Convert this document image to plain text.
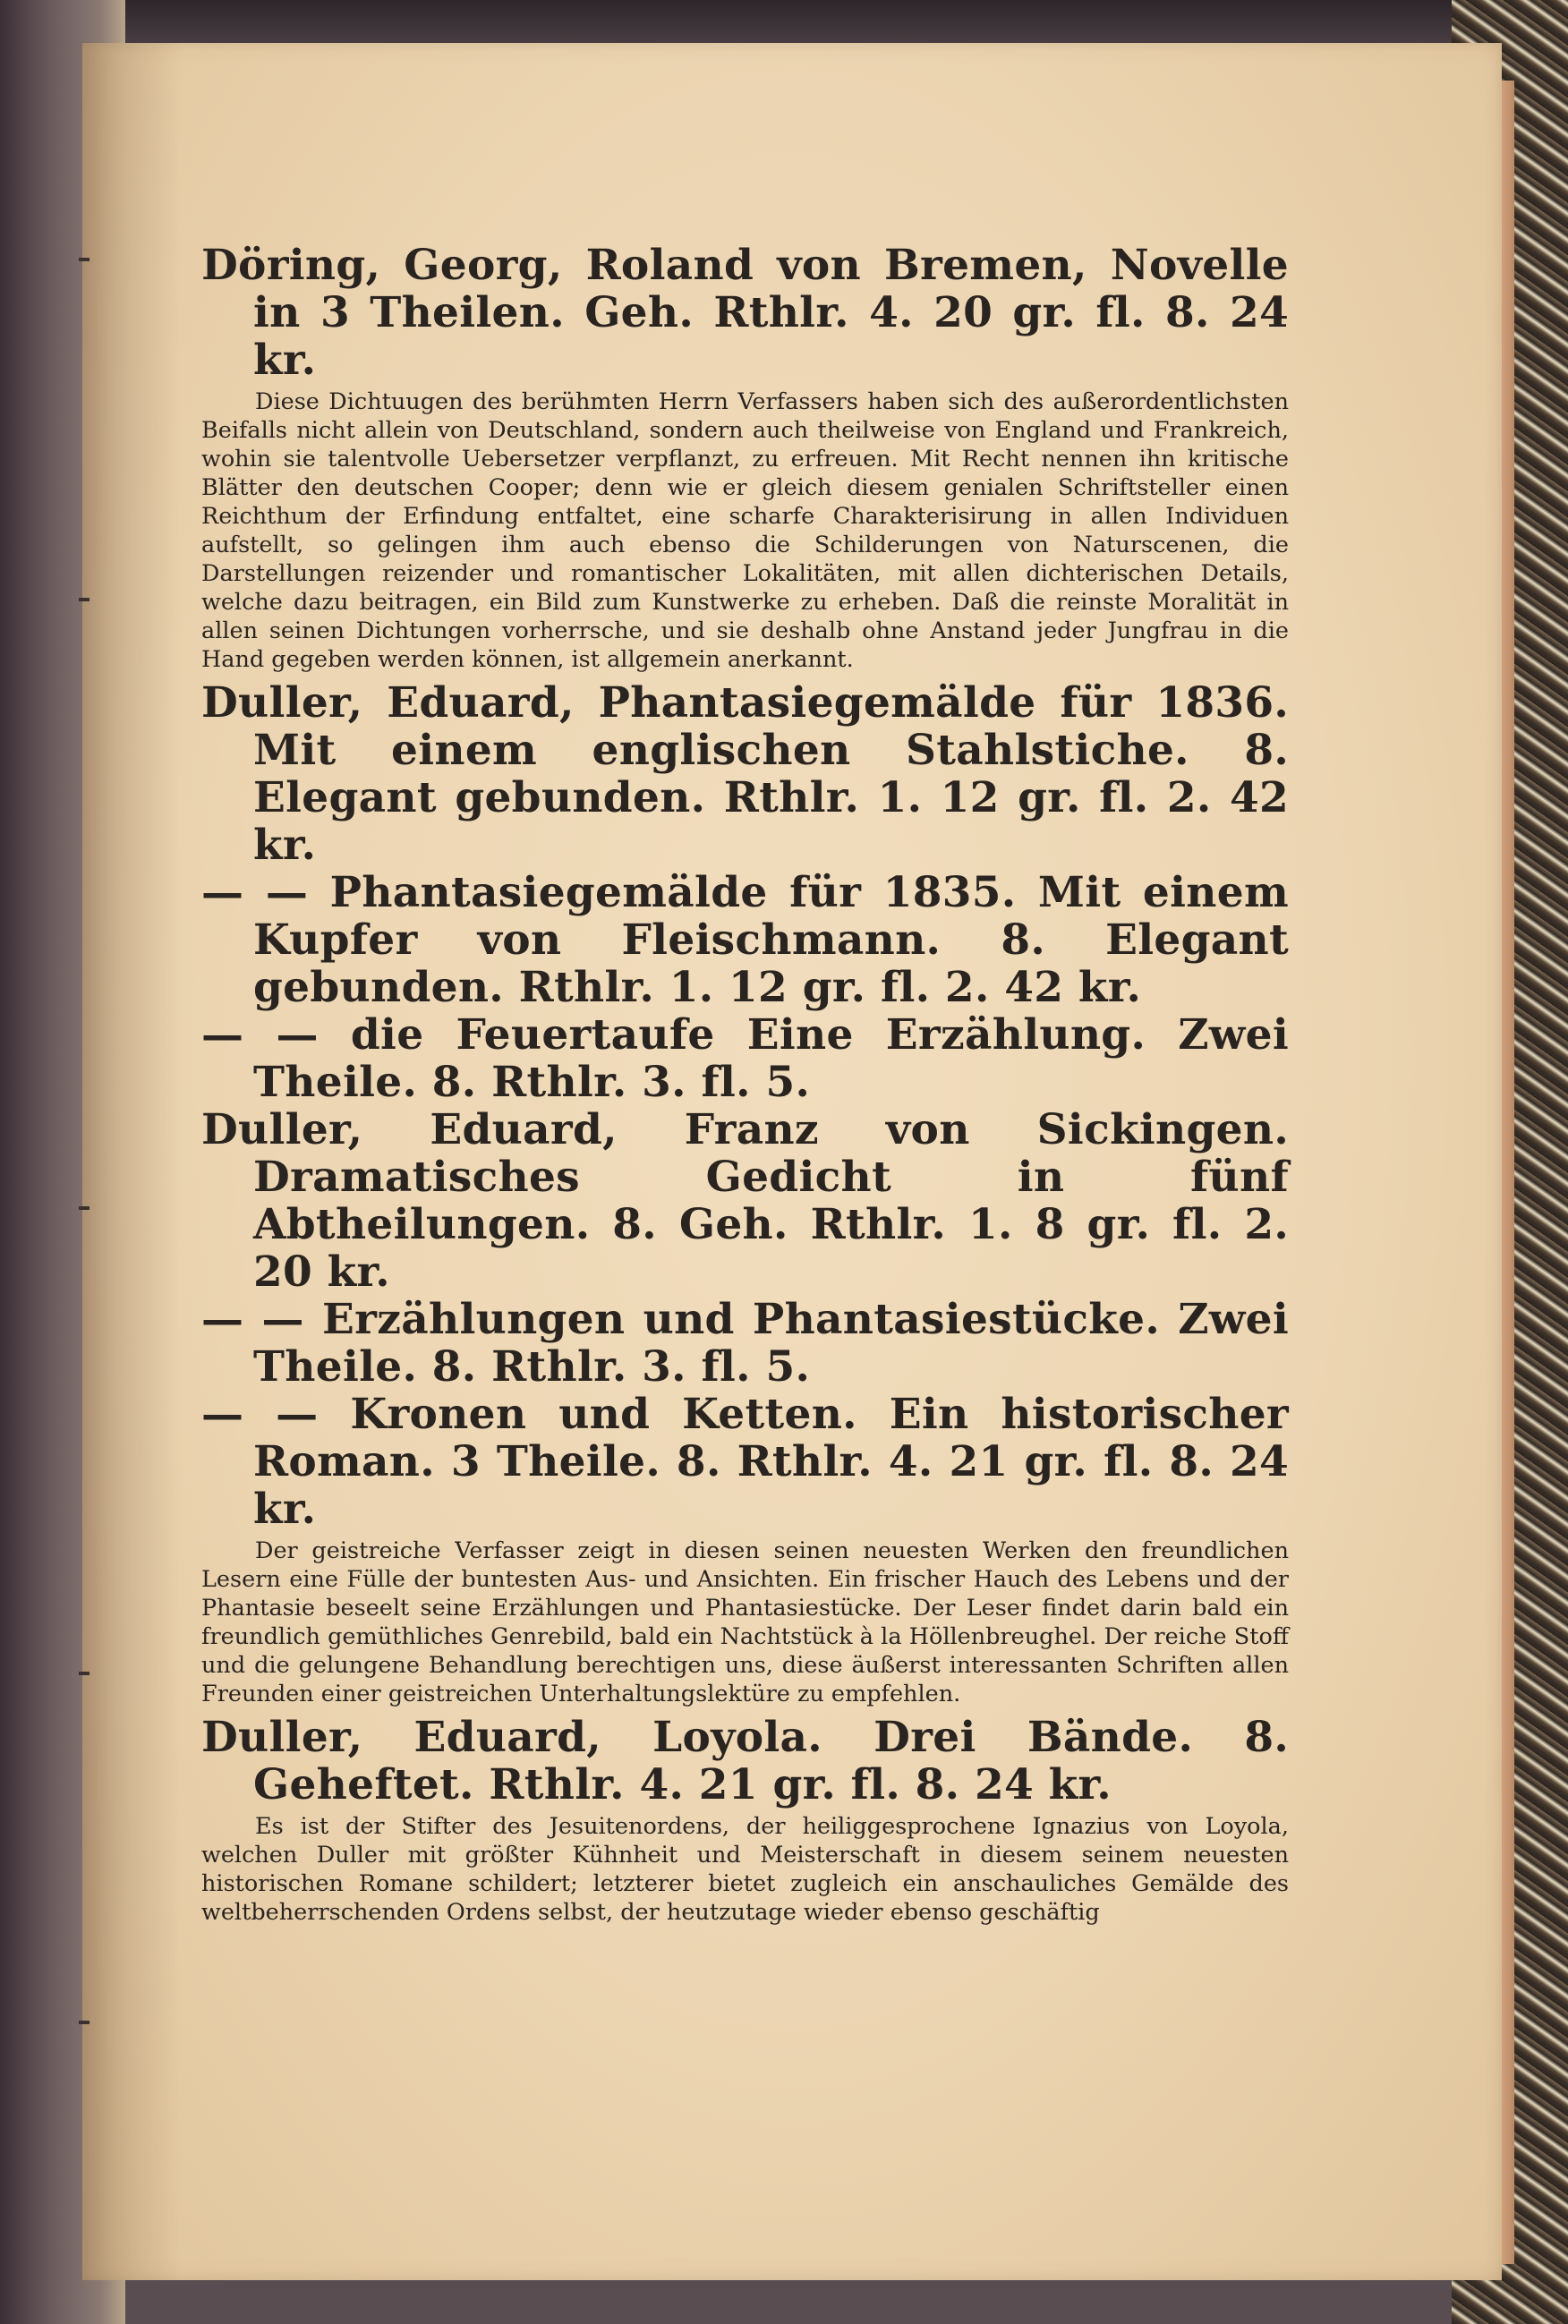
Döring, Georg, Roland von Bremen, Novelle in 3 Theilen. Geh. Rthlr. 4. 20 gr. fl. 8. 24 kr.

Diese Dichtuugen des berühmten Herrn Verfassers haben sich des außerordentlichsten Beifalls nicht allein von Deutschland, sondern auch theilweise von England und Frankreich, wohin sie talentvolle Uebersetzer verpflanzt, zu erfreuen. Mit Recht nennen ihn kritische Blätter den deutschen Cooper; denn wie er gleich diesem genialen Schriftsteller einen Reichthum der Erfindung entfaltet, eine scharfe Charakterisirung in allen Individuen aufstellt, so gelingen ihm auch ebenso die Schilderungen von Naturscenen, die Darstellungen reizender und romantischer Lokalitäten, mit allen dichterischen Details, welche dazu beitragen, ein Bild zum Kunstwerke zu erheben. Daß die reinste Moralität in allen seinen Dichtungen vorherrsche, und sie deshalb ohne Anstand jeder Jungfrau in die Hand gegeben werden können, ist allgemein anerkannt.

Duller, Eduard, Phantasiegemälde für 1836. Mit einem englischen Stahlstiche. 8. Elegant gebunden. Rthlr. 1. 12 gr. fl. 2. 42 kr.
— — Phantasiegemälde für 1835. Mit einem Kupfer von Fleischmann. 8. Elegant gebunden. Rthlr. 1. 12 gr. fl. 2. 42 kr.
— — die Feuertaufe Eine Erzählung. Zwei Theile. 8. Rthlr. 3. fl. 5.
Duller, Eduard, Franz von Sickingen. Dramatisches Gedicht in fünf Abtheilungen. 8. Geh. Rthlr. 1. 8 gr. fl. 2. 20 kr.
— — Erzählungen und Phantasiestücke. Zwei Theile. 8. Rthlr. 3. fl. 5.
— — Kronen und Ketten. Ein historischer Roman. 3 Theile. 8. Rthlr. 4. 21 gr. fl. 8. 24 kr.

Der geistreiche Verfasser zeigt in diesen seinen neuesten Werken den freundlichen Lesern eine Fülle der buntesten Aus- und Ansichten. Ein frischer Hauch des Lebens und der Phantasie beseelt seine Erzählungen und Phantasiestücke. Der Leser findet darin bald ein freundlich gemüthliches Genrebild, bald ein Nachtstück à la Höllenbreughel. Der reiche Stoff und die gelungene Behandlung berechtigen uns, diese äußerst interessanten Schriften allen Freunden einer geistreichen Unterhaltungslektüre zu empfehlen.

Duller, Eduard, Loyola. Drei Bände. 8. Geheftet. Rthlr. 4. 21 gr. fl. 8. 24 kr.

Es ist der Stifter des Jesuitenordens, der heiliggesprochene Ignazius von Loyola, welchen Duller mit größter Kühnheit und Meisterschaft in diesem seinem neuesten historischen Romane schildert; letzterer bietet zugleich ein anschauliches Gemälde des weltbeherrschenden Ordens selbst, der heutzutage wieder ebenso geschäftig
